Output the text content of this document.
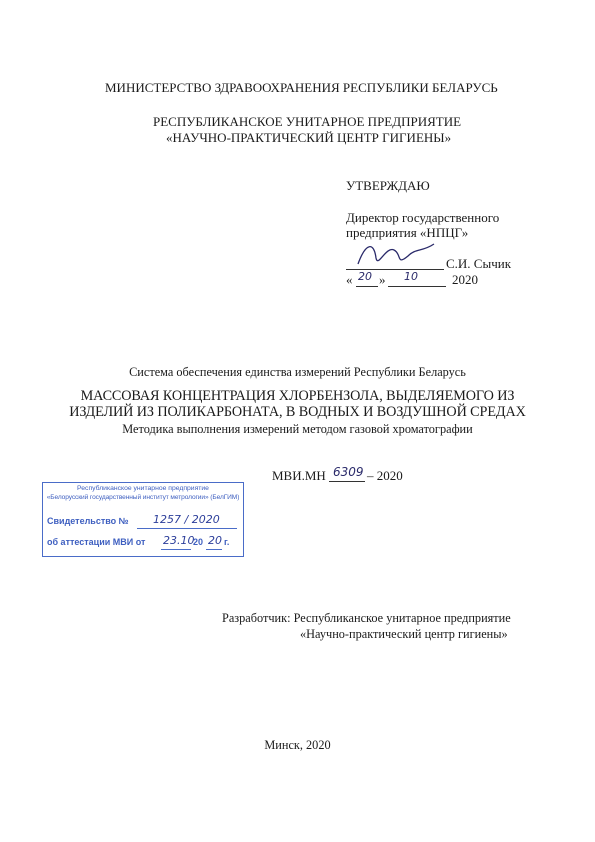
МИНИСТЕРСТВО ЗДРАВООХРАНЕНИЯ РЕСПУБЛИКИ БЕЛАРУСЬ
РЕСПУБЛИКАНСКОЕ УНИТАРНОЕ ПРЕДПРИЯТИЕ
«НАУЧНО-ПРАКТИЧЕСКИЙ ЦЕНТР ГИГИЕНЫ»
УТВЕРЖДАЮ
Директор государственного
предприятия «НПЦГ»
С.И. Сычик
« 20 » 10	2020
Система обеспечения единства измерений Республики Беларусь
МАССОВАЯ КОНЦЕНТРАЦИЯ ХЛОРБЕНЗОЛА, ВЫДЕЛЯЕМОГО ИЗ
ИЗДЕЛИЙ ИЗ ПОЛИКАРБОНАТА, В ВОДНЫХ И ВОЗДУШНОЙ СРЕДАХ
Методика выполнения измерений методом газовой хроматографии
МВИ.МН 6309 – 2020
Республиканское унитарное предприятие
«Белорусский государственный институт метрологии» (БелГИМ)
Свидетельство № 1257 / 2020
об аттестации МВИ от 23.10
20 20 г.
Разработчик: Республиканское унитарное предприятие
«Научно-практический центр гигиены»
Минск, 2020
